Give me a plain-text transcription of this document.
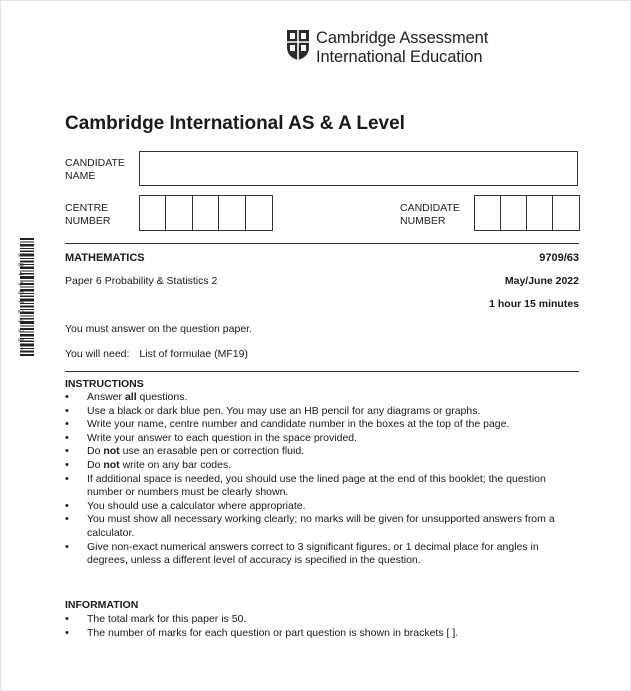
Cambridge Assessment
International Education
Cambridge International AS & A Level
CANDIDATE
NAME
CENTRE
NUMBER
CANDIDATE
NUMBER
*
3
8
4
9
0
7
2
4
9
1
*
MATHEMATICS	9709/63
Paper 6 Probability & Statistics 2	May/June 2022
1 hour 15 minutes
You must answer on the question paper.
You will need: List of formulae (MF19)
INSTRUCTIONS
• Answer all questions.
• Use a black or dark blue pen. You may use an HB pencil for any diagrams or graphs.
• Write your name, centre number and candidate number in the boxes at the top of the page.
• Write your answer to each question in the space provided.
• Do not use an erasable pen or correction fluid.
• Do not write on any bar codes.
• If additional space is needed, you should use the lined page at the end of this booklet; the question number or numbers must be clearly shown.
• You should use a calculator where appropriate.
• You must show all necessary working clearly; no marks will be given for unsupported answers from a calculator.
• Give non-exact numerical answers correct to 3 significant figures, or 1 decimal place for angles in degrees, unless a different level of accuracy is specified in the question.
INFORMATION
• The total mark for this paper is 50.
• The number of marks for each question or part question is shown in brackets [ ].
